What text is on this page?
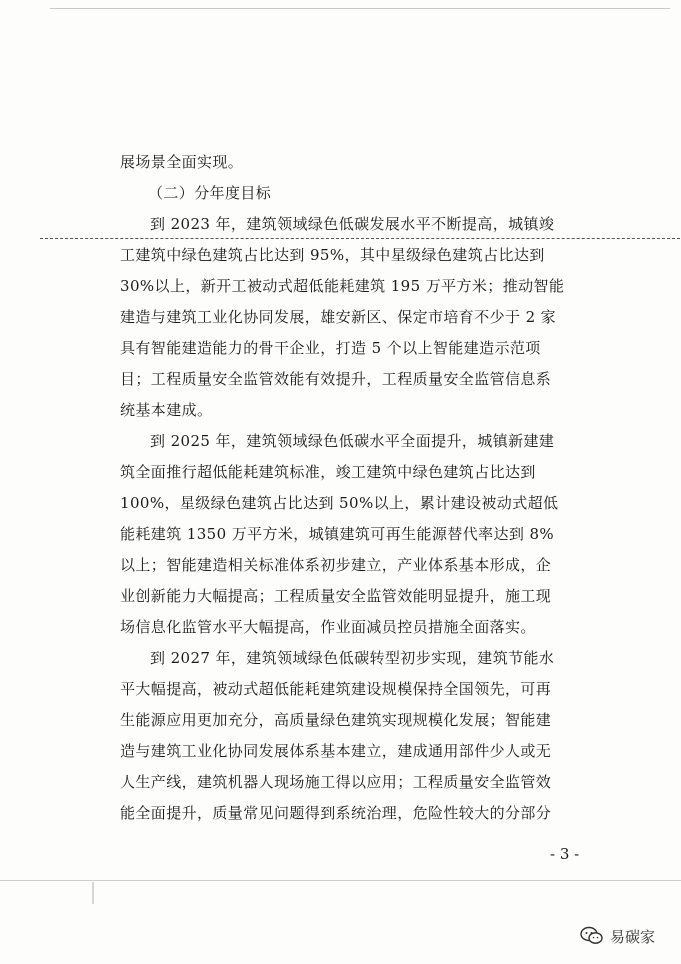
展场景全面实现。
（二）分年度目标
到 2023 年，建筑领域绿色低碳发展水平不断提高，城镇竣
工建筑中绿色建筑占比达到 95%，其中星级绿色建筑占比达到
30%以上，新开工被动式超低能耗建筑 195 万平方米；推动智能
建造与建筑工业化协同发展，雄安新区、保定市培育不少于 2 家
具有智能建造能力的骨干企业，打造 5 个以上智能建造示范项
目；工程质量安全监管效能有效提升，工程质量安全监管信息系
统基本建成。
到 2025 年，建筑领域绿色低碳水平全面提升，城镇新建建
筑全面推行超低能耗建筑标准，竣工建筑中绿色建筑占比达到
100%，星级绿色建筑占比达到 50%以上，累计建设被动式超低
能耗建筑 1350 万平方米，城镇建筑可再生能源替代率达到 8%
以上；智能建造相关标准体系初步建立，产业体系基本形成，企
业创新能力大幅提高；工程质量安全监管效能明显提升，施工现
场信息化监管水平大幅提高，作业面减员控员措施全面落实。
到 2027 年，建筑领域绿色低碳转型初步实现，建筑节能水
平大幅提高，被动式超低能耗建筑建设规模保持全国领先，可再
生能源应用更加充分，高质量绿色建筑实现规模化发展；智能建
造与建筑工业化协同发展体系基本建立，建成通用部件少人或无
人生产线，建筑机器人现场施工得以应用；工程质量安全监管效
能全面提升，质量常见问题得到系统治理，危险性较大的分部分
- 3 -
易碳家
